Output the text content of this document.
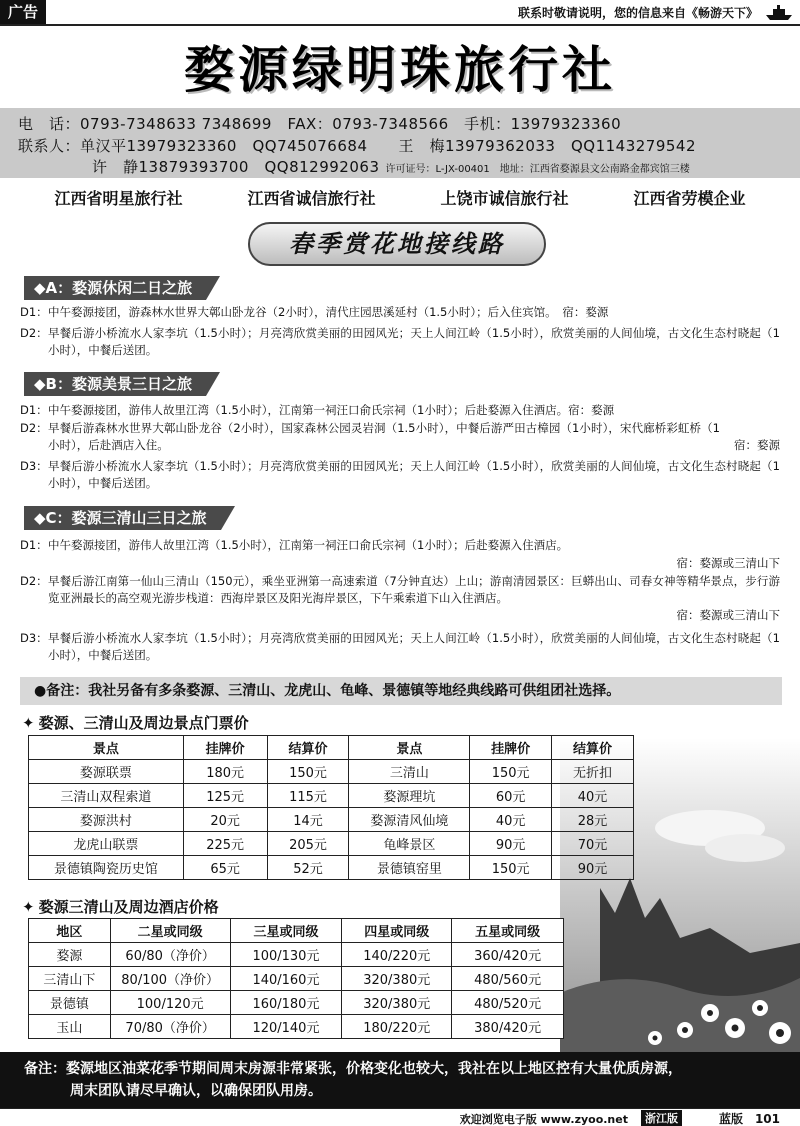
广告	联系时敬请说明，您的信息来自《畅游天下》
婺源绿明珠旅行社
电　话：0793-7348633 7348699　FAX：0793-7348566　手机：13979323360
联系人：单汉平13979323360　QQ745076684　　王　梅13979362033　QQ1143279542
许　静13879393700　QQ812992063 许可证号：L-JX-00401　地址：江西省婺源县文公南路金都宾馆三楼
江西省明星旅行社	江西省诚信旅行社	上饶市诚信旅行社	江西省劳模企业
春季赏花地接线路
◆A：婺源休闲二日之旅
D1： 中午婺源接团，游森林水世界大鄣山卧龙谷（2小时），清代庄园思溪延村（1.5小时）；后入住宾馆。　宿：婺源
D2： 早餐后游小桥流水人家李坑（1.5小时）；月亮湾欣赏美丽的田园风光；天上人间江岭（1.5小时），欣赏美丽的人间仙境，古文化生态村晓起（1小时），中餐后送团。
◆B：婺源美景三日之旅
D1： 中午婺源接团，游伟人故里江湾（1.5小时），江南第一祠汪口俞氏宗祠（1小时）；后赴婺源入住酒店。宿：婺源
D2： 早餐后游森林水世界大鄣山卧龙谷（2小时），国家森林公园灵岩洞（1.5小时），中餐后游严田古樟园（1小时），宋代廊桥彩虹桥（1小时），后赴酒店入住。	宿：婺源
D3： 早餐后游小桥流水人家李坑（1.5小时）；月亮湾欣赏美丽的田园风光；天上人间江岭（1.5小时），欣赏美丽的人间仙境，古文化生态村晓起（1小时），中餐后送团。
◆C：婺源三清山三日之旅
D1： 中午婺源接团，游伟人故里江湾（1.5小时），江南第一祠汪口俞氏宗祠（1小时）；后赴婺源入住酒店。
宿：婺源或三清山下
D2： 早餐后游江南第一仙山三清山（150元），乘坐亚洲第一高速索道（7分钟直达）上山；游南清园景区：巨蟒出山、司春女神等精华景点，步行游览亚洲最长的高空观光游步栈道：西海岸景区及阳光海岸景区，下午乘索道下山入住酒店。
宿：婺源或三清山下
D3： 早餐后游小桥流水人家李坑（1.5小时）；月亮湾欣赏美丽的田园风光；天上人间江岭（1.5小时），欣赏美丽的人间仙境，古文化生态村晓起（1小时），中餐后送团。
●备注：我社另备有多条婺源、三清山、龙虎山、龟峰、景德镇等地经典线路可供组团社选择。
✦ 婺源、三清山及周边景点门票价
景点	挂牌价	结算价	景点	挂牌价	结算价
婺源联票	180元	150元	三清山	150元	无折扣
三清山双程索道	125元	115元	婺源理坑	60元	40元
婺源洪村	20元	14元	婺源清风仙境	40元	28元
龙虎山联票	225元	205元	龟峰景区	90元	70元
景德镇陶瓷历史馆	65元	52元	景德镇窑里	150元	90元
✦ 婺源三清山及周边酒店价格
地区	二星或同级	三星或同级	四星或同级	五星或同级
婺源	60/80（净价）	100/130元	140/220元	360/420元
三清山下	80/100（净价）	140/160元	320/380元	480/560元
景德镇	100/120元	160/180元	320/380元	480/520元
玉山	70/80（净价）	120/140元	180/220元	380/420元
备注：婺源地区油菜花季节期间周末房源非常紧张，价格变化也较大，我社在以上地区控有大量优质房源，
周末团队请尽早确认，以确保团队用房。
欢迎浏览电子版 www.zyoo.net	浙江版	蓝版　101
